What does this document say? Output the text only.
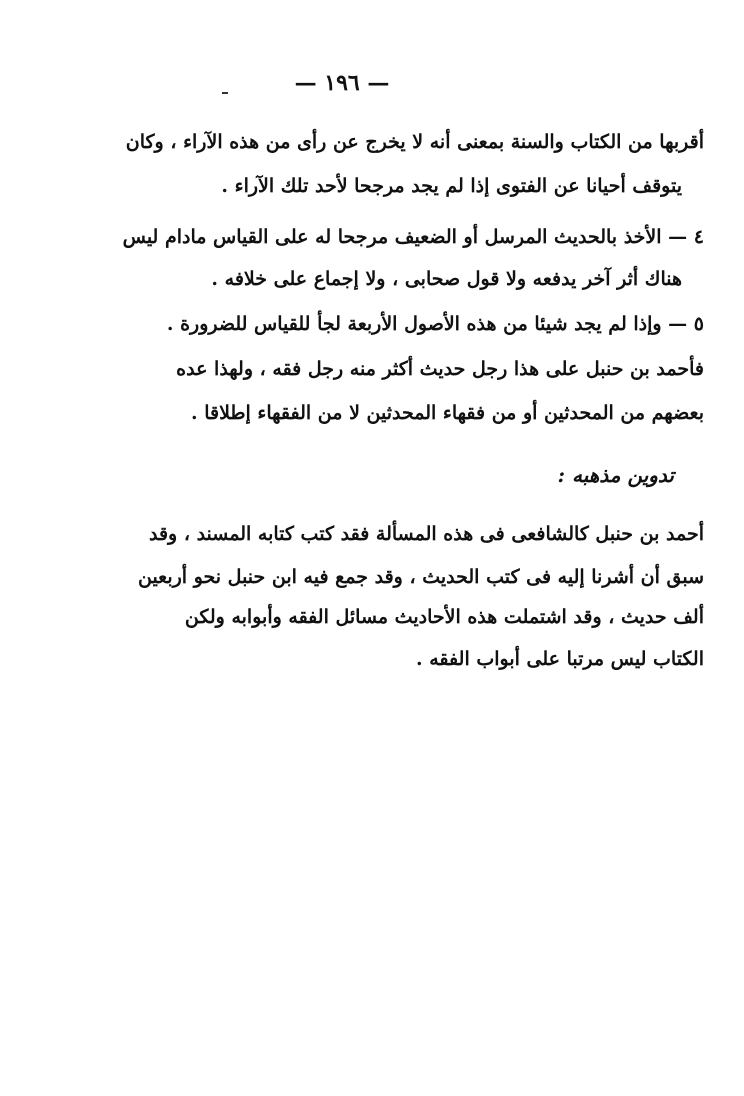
— ١٩٦ —
أقربها من الكتاب والسنة بمعنى أنه لا يخرج عن رأى من هذه الآراء ، وكان
يتوقف أحيانا عن الفتوى إذا لم يجد مرجحا لأحد تلك الآراء .
٤ — الأخذ بالحديث المرسل أو الضعيف مرجحا له على القياس مادام ليس
هناك أثر آخر يدفعه ولا قول صحابى ، ولا إجماع على خلافه .
٥ — وإذا لم يجد شيئا من هذه الأصول الأربعة لجأ للقياس للضرورة .
فأحمد بن حنبل على هذا رجل حديث أكثر منه رجل فقه ، ولهذا عده
بعضهم من المحدثين أو من فقهاء المحدثين لا من الفقهاء إطلاقا .
تدوين مذهبه :
أحمد بن حنبل كالشافعى فى هذه المسألة فقد كتب كتابه المسند ، وقد
سبق أن أشرنا إليه فى كتب الحديث ، وقد جمع فيه ابن حنبل نحو أربعين
ألف حديث ، وقد اشتملت هذه الأحاديث مسائل الفقه وأبوابه ولكن
الكتاب ليس مرتبا على أبواب الفقه .
